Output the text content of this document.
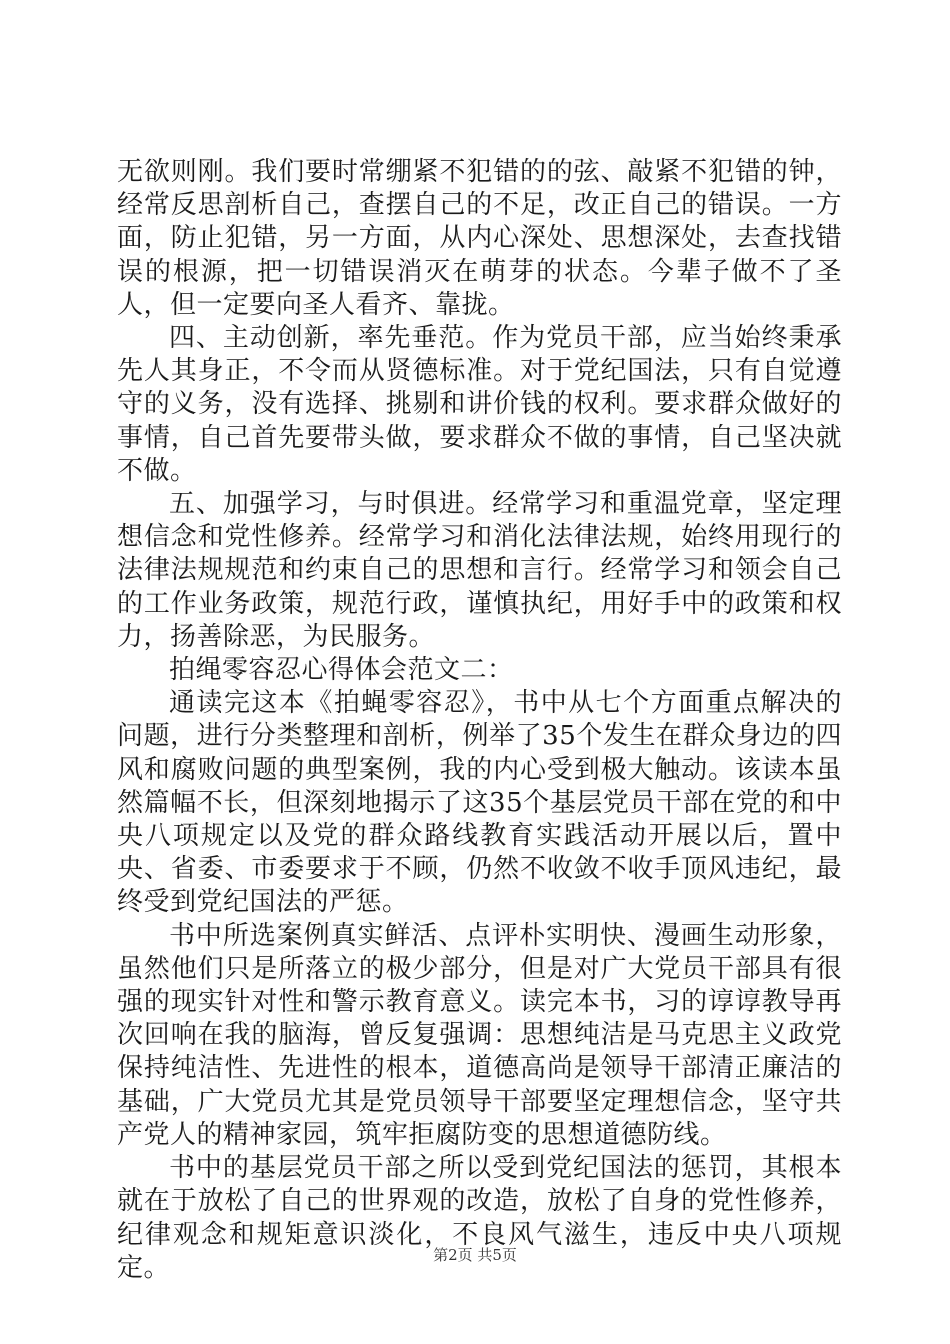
无欲则刚。我们要时常绷紧不犯错的的弦、敲紧不犯错的钟，经常反思剖析自己，查摆自己的不足，改正自己的错误。一方面，防止犯错，另一方面，从内心深处、思想深处，去查找错误的根源，把一切错误消灭在萌芽的状态。今辈子做不了圣人，但一定要向圣人看齐、靠拢。

四、主动创新，率先垂范。作为党员干部，应当始终秉承先人其身正，不令而从贤德标准。对于党纪国法，只有自觉遵守的义务，没有选择、挑剔和讲价钱的权利。要求群众做好的事情，自己首先要带头做，要求群众不做的事情，自己坚决就不做。

五、加强学习，与时俱进。经常学习和重温党章，坚定理想信念和党性修养。经常学习和消化法律法规，始终用现行的法律法规规范和约束自己的思想和言行。经常学习和领会自己的工作业务政策，规范行政，谨慎执纪，用好手中的政策和权力，扬善除恶，为民服务。

拍绳零容忍心得体会范文二：

通读完这本《拍蝇零容忍》，书中从七个方面重点解决的问题，进行分类整理和剖析，例举了35个发生在群众身边的四风和腐败问题的典型案例，我的内心受到极大触动。该读本虽然篇幅不长，但深刻地揭示了这35个基层党员干部在党的和中央八项规定以及党的群众路线教育实践活动开展以后，置中央、省委、市委要求于不顾，仍然不收敛不收手顶风违纪，最终受到党纪国法的严惩。

书中所选案例真实鲜活、点评朴实明快、漫画生动形象，虽然他们只是所落立的极少部分，但是对广大党员干部具有很强的现实针对性和警示教育意义。读完本书，习的谆谆教导再次回响在我的脑海，曾反复强调：思想纯洁是马克思主义政党保持纯洁性、先进性的根本，道德高尚是领导干部清正廉洁的基础，广大党员尤其是党员领导干部要坚定理想信念，坚守共产党人的精神家园，筑牢拒腐防变的思想道德防线。

书中的基层党员干部之所以受到党纪国法的惩罚，其根本就在于放松了自己的世界观的改造，放松了自身的党性修养，纪律观念和规矩意识淡化，不良风气滋生，违反中央八项规定。	第2页 共5页
